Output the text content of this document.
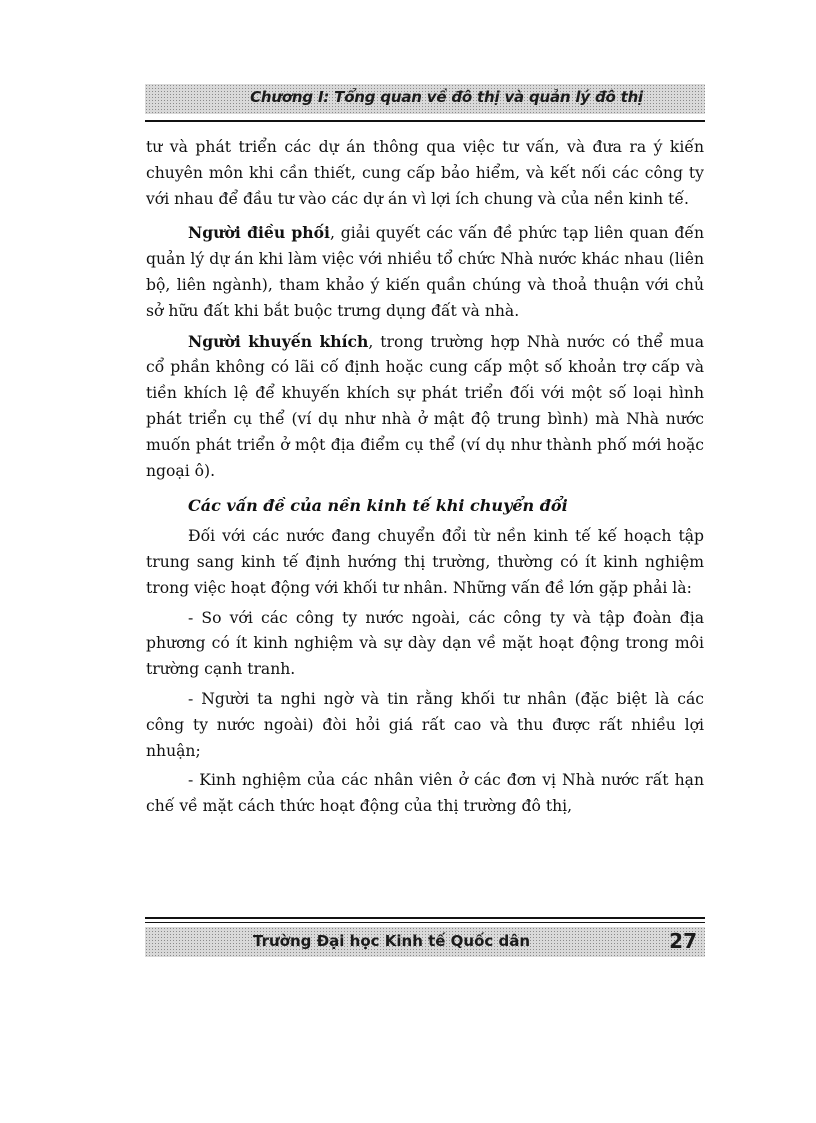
Chương I: Tổng quan về đô thị và quản lý đô thị

tư và phát triển các dự án thông qua việc tư vấn, và đưa ra ý kiến chuyên môn khi cần thiết, cung cấp bảo hiểm, và kết nối các công ty với nhau để đầu tư vào các dự án vì lợi ích chung và của nền kinh tế.

Người điều phối, giải quyết các vấn đề phức tạp liên quan đến quản lý dự án khi làm việc với nhiều tổ chức Nhà nước khác nhau (liên bộ, liên ngành), tham khảo ý kiến quần chúng và thoả thuận với chủ sở hữu đất khi bắt buộc trưng dụng đất và nhà.

Người khuyến khích, trong trường hợp Nhà nước có thể mua cổ phần không có lãi cố định hoặc cung cấp một số khoản trợ cấp và tiền khích lệ để khuyến khích sự phát triển đối với một số loại hình phát triển cụ thể (ví dụ như nhà ở mật độ trung bình) mà Nhà nước muốn phát triển ở một địa điểm cụ thể (ví dụ như thành phố mới hoặc ngoại ô).

Các vấn đề của nền kinh tế khi chuyển đổi

Đối với các nước đang chuyển đổi từ nền kinh tế kế hoạch tập trung sang kinh tế định hướng thị trường, thường có ít kinh nghiệm trong việc hoạt động với khối tư nhân. Những vấn đề lớn gặp phải là:

- So với các công ty nước ngoài, các công ty và tập đoàn địa phương có ít kinh nghiệm và sự dày dạn về mặt hoạt động trong môi trường cạnh tranh.

- Người ta nghi ngờ và tin rằng khối tư nhân (đặc biệt là các công ty nước ngoài) đòi hỏi giá rất cao và thu được rất nhiều lợi nhuận;

- Kinh nghiệm của các nhân viên ở các đơn vị Nhà nước rất hạn chế về mặt cách thức hoạt động của thị trường đô thị,

Trường Đại học Kinh tế Quốc dân	27
